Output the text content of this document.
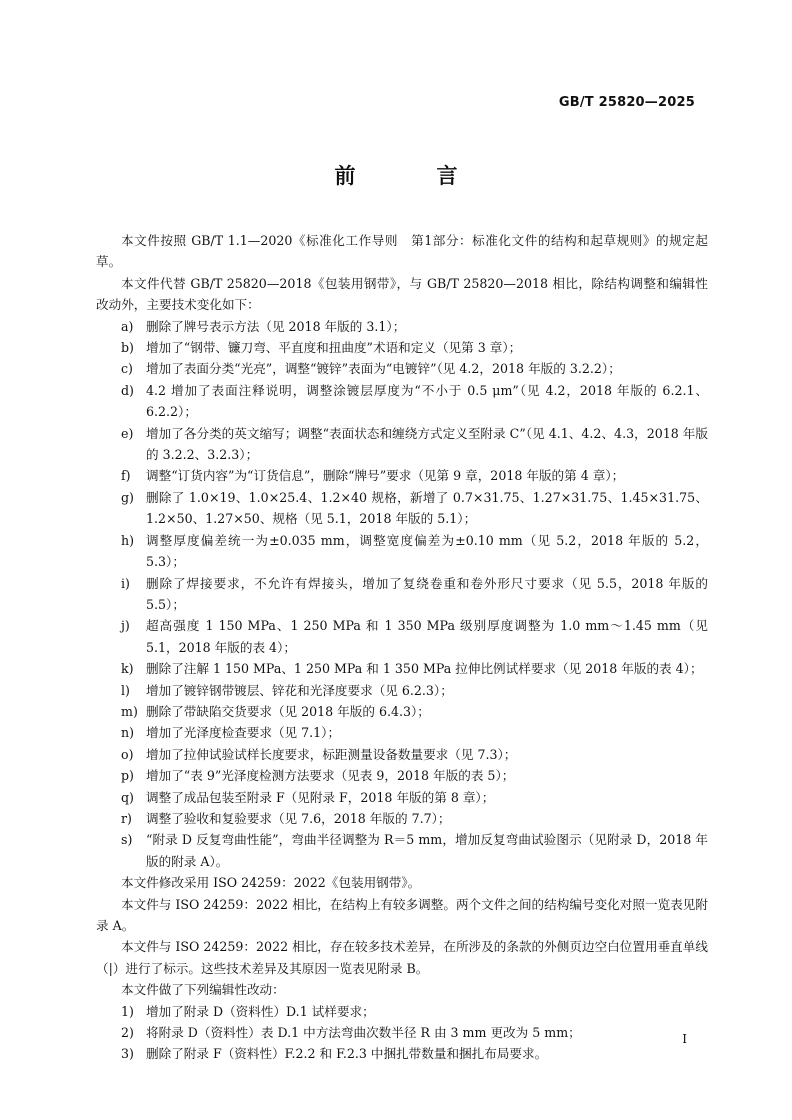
GB/T 25820—2025
前　言

本文件按照 GB/T 1.1—2020《标准化工作导则　第1部分：标准化文件的结构和起草规则》的规定起草。

本文件代替 GB/T 25820—2018《包装用钢带》，与 GB/T 25820—2018 相比，除结构调整和编辑性改动外，主要技术变化如下：

a) 删除了牌号表示方法（见 2018 年版的 3.1）；

b) 增加了“钢带、镰刀弯、平直度和扭曲度”术语和定义（见第 3 章）；

c) 增加了表面分类“光亮”，调整“镀锌”表面为“电镀锌”（见 4.2，2018 年版的 3.2.2）；

d) 4.2 增加了表面注释说明，调整涂镀层厚度为“不小于 0.5 μm”（见 4.2，2018 年版的 6.2.1、6.2.2）；

e) 增加了各分类的英文缩写；调整“表面状态和缠绕方式定义至附录 C”（见 4.1、4.2、4.3，2018 年版的 3.2.2、3.2.3）；

f) 调整“订货内容”为“订货信息”，删除“牌号”要求（见第 9 章，2018 年版的第 4 章）；

g) 删除了 1.0×19、1.0×25.4、1.2×40 规格，新增了 0.7×31.75、1.27×31.75、1.45×31.75、1.2×50、1.27×50、规格（见 5.1，2018 年版的 5.1）；

h) 调整厚度偏差统一为±0.035 mm，调整宽度偏差为±0.10 mm（见 5.2，2018 年版的 5.2，5.3）；

i) 删除了焊接要求，不允许有焊接头，增加了复绕卷重和卷外形尺寸要求（见 5.5，2018 年版的 5.5）；

j) 超高强度 1 150 MPa、1 250 MPa 和 1 350 MPa 级别厚度调整为 1.0 mm～1.45 mm（见 5.1，2018 年版的表 4）；

k) 删除了注解 1 150 MPa、1 250 MPa 和 1 350 MPa 拉伸比例试样要求（见 2018 年版的表 4）；

l) 增加了镀锌钢带镀层、锌花和光泽度要求（见 6.2.3）；

m) 删除了带缺陷交货要求（见 2018 年版的 6.4.3）；

n) 增加了光泽度检查要求（见 7.1）；

o) 增加了拉伸试验试样长度要求，标距测量设备数量要求（见 7.3）；

p) 增加了“表 9”光泽度检测方法要求（见表 9，2018 年版的表 5）；

q) 调整了成品包装至附录 F（见附录 F，2018 年版的第 8 章）；

r) 调整了验收和复验要求（见 7.6，2018 年版的 7.7）；

s) “附录 D 反复弯曲性能”，弯曲半径调整为 R＝5 mm，增加反复弯曲试验图示（见附录 D，2018 年版的附录 A）。

本文件修改采用 ISO 24259：2022《包装用钢带》。

本文件与 ISO 24259：2022 相比，在结构上有较多调整。两个文件之间的结构编号变化对照一览表见附录 A。

本文件与 ISO 24259：2022 相比，存在较多技术差异，在所涉及的条款的外侧页边空白位置用垂直单线（|）进行了标示。这些技术差异及其原因一览表见附录 B。

本文件做了下列编辑性改动：

1) 增加了附录 D（资料性）D.1 试样要求；

2) 将附录 D（资料性）表 D.1 中方法弯曲次数半径 R 由 3 mm 更改为 5 mm；

3) 删除了附录 F（资料性）F.2.2 和 F.2.3 中捆扎带数量和捆扎布局要求。

I
